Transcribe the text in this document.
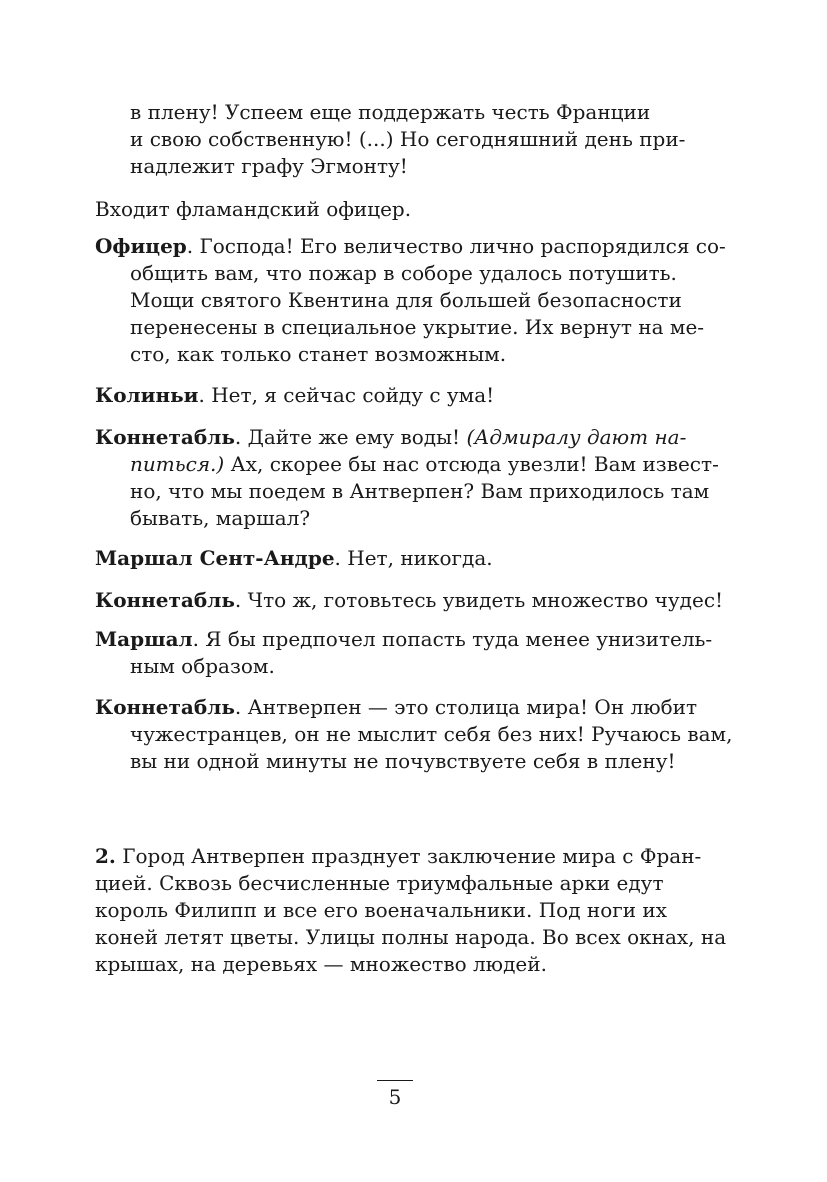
в плену! Успеем еще поддержать честь Франции
и свою собственную! (...) Но сегодняшний день при-
надлежит графу Эгмонту!
Входит фламандский офицер.
Офицер. Господа! Его величество лично распорядился со-
общить вам, что пожар в соборе удалось потушить.
Мощи святого Квентина для большей безопасности
перенесены в специальное укрытие. Их вернут на ме-
сто, как только станет возможным.
Колиньи. Нет, я сейчас сойду с ума!
Коннетабль. Дайте же ему воды! (Адмиралу дают на-
питься.) Ах, скорее бы нас отсюда увезли! Вам извест-
но, что мы поедем в Антверпен? Вам приходилось там
бывать, маршал?
Маршал Сент-Андре. Нет, никогда.
Коннетабль. Что ж, готовьтесь увидеть множество чудес!
Маршал. Я бы предпочел попасть туда менее унизитель-
ным образом.
Коннетабль. Антверпен — это столица мира! Он любит
чужестранцев, он не мыслит себя без них! Ручаюсь вам,
вы ни одной минуты не почувствуете себя в плену!
2. Город Антверпен празднует заключение мира с Фран-
цией. Сквозь бесчисленные триумфальные арки едут
король Филипп и все его военачальники. Под ноги их
коней летят цветы. Улицы полны народа. Во всех окнах, на
крышах, на деревьях — множество людей.
5
